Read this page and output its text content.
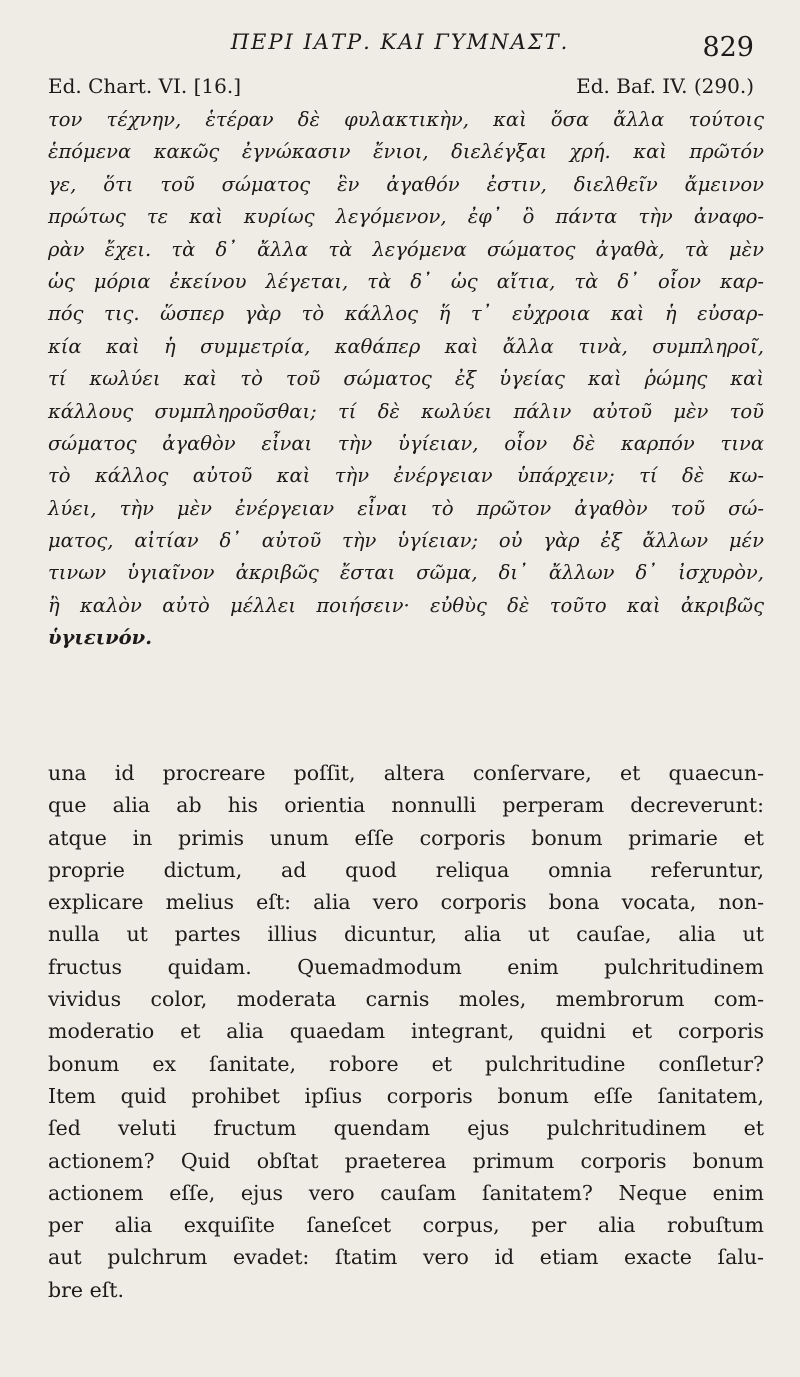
ΠΕΡΙ ΙΑΤΡ. ΚΑΙ ΓΥΜΝΑΣΤ.	829
Ed. Chart. VI. [16.]	Ed. Baf. IV. (290.)
τον τέχνην, ἑτέραν δὲ φυλακτικὴν, καὶ ὅσα ἄλλα τούτοις
ἑπόμενα κακῶς ἐγνώκασιν ἔνιοι, διελέγξαι χρή. καὶ πρῶτόν
γε, ὅτι τοῦ σώματος ἓν ἀγαθόν ἐστιν, διελθεῖν ἄμεινον
πρώτως τε καὶ κυρίως λεγόμενον, ἐφ᾽ ὃ πάντα τὴν ἀναφο-
ρὰν ἔχει. τὰ δ᾽ ἄλλα τὰ λεγόμενα σώματος ἀγαθὰ, τὰ μὲν
ὡς μόρια ἐκείνου λέγεται, τὰ δ᾽ ὡς αἴτια, τὰ δ᾽ οἷον καρ-
πός τις. ὥσπερ γὰρ τὸ κάλλος ἥ τ᾽ εὐχροια καὶ ἡ εὐσαρ-
κία καὶ ἡ συμμετρία, καθάπερ καὶ ἄλλα τινὰ, συμπληροῖ,
τί κωλύει καὶ τὸ τοῦ σώματος ἐξ ὑγείας καὶ ῥώμης καὶ
κάλλους συμπληροῦσθαι; τί δὲ κωλύει πάλιν αὐτοῦ μὲν τοῦ
σώματος ἀγαθὸν εἶναι τὴν ὑγίειαν, οἷον δὲ καρπόν τινα
τὸ κάλλος αὐτοῦ καὶ τὴν ἐνέργειαν ὑπάρχειν; τί δὲ κω-
λύει, τὴν μὲν ἐνέργειαν εἶναι τὸ πρῶτον ἀγαθὸν τοῦ σώ-
ματος, αἰτίαν δ᾽ αὐτοῦ τὴν ὑγίειαν; οὐ γὰρ ἐξ ἄλλων μέν
τινων ὑγιαῖνον ἀκριβῶς ἔσται σῶμα, δι᾽ ἄλλων δ᾽ ἰσχυρὸν,
ἢ καλὸν αὐτὸ μέλλει ποιήσειν· εὐθὺς δὲ τοῦτο καὶ ἀκριβῶς
ὑγιεινόν.
una id procreare poſſit, altera conſervare, et quaecun-
que alia ab his orientia nonnulli perperam decreverunt:
atque in primis unum eſſe corporis bonum primarie et
proprie dictum, ad quod reliqua omnia referuntur,
explicare melius eſt: alia vero corporis bona vocata, non-
nulla ut partes illius dicuntur, alia ut cauſae, alia ut
fructus quidam. Quemadmodum enim pulchritudinem
vividus color, moderata carnis moles, membrorum com-
moderatio et alia quaedam integrant, quidni et corporis
bonum ex ſanitate, robore et pulchritudine conſletur?
Item quid prohibet ipſius corporis bonum eſſe ſanitatem,
ſed veluti fructum quendam ejus pulchritudinem et
actionem? Quid obſtat praeterea primum corporis bonum
actionem eſſe, ejus vero cauſam ſanitatem? Neque enim
per alia exquiſite ſaneſcet corpus, per alia robuſtum
aut pulchrum evadet: ſtatim vero id etiam exacte ſalu-
bre eſt.
